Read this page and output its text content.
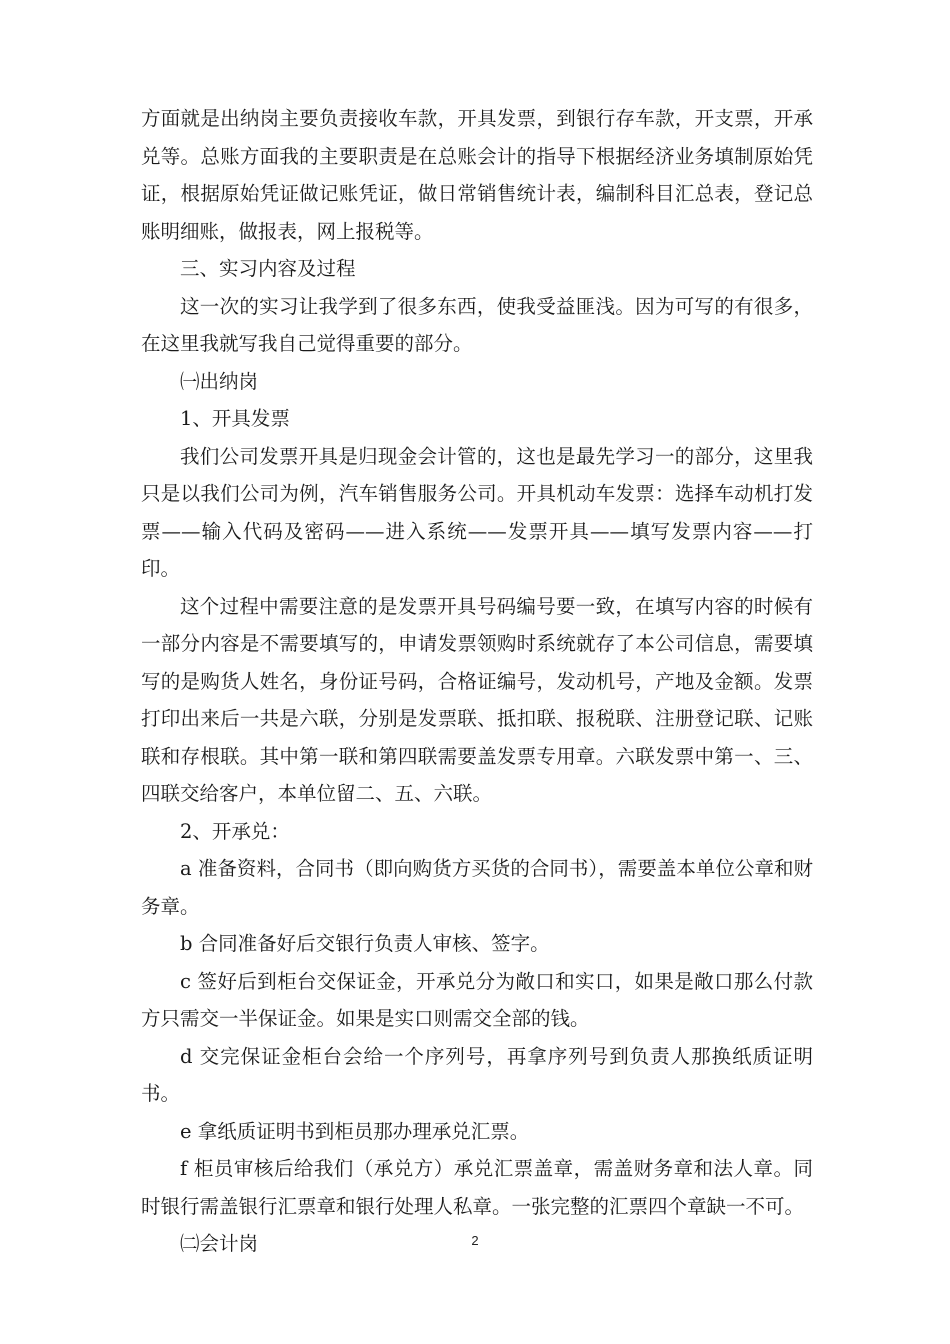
方面就是出纳岗主要负责接收车款，开具发票，到银行存车款，开支票，开承兑等。总账方面我的主要职责是在总账会计的指导下根据经济业务填制原始凭证，根据原始凭证做记账凭证，做日常销售统计表，编制科目汇总表，登记总账明细账，做报表，网上报税等。

三、实习内容及过程

这一次的实习让我学到了很多东西，使我受益匪浅。因为可写的有很多，在这里我就写我自己觉得重要的部分。

㈠出纳岗

1、开具发票

我们公司发票开具是归现金会计管的，这也是最先学习一的部分，这里我只是以我们公司为例，汽车销售服务公司。开具机动车发票：选择车动机打发票——输入代码及密码——进入系统——发票开具——填写发票内容——打印。

这个过程中需要注意的是发票开具号码编号要一致，在填写内容的时候有一部分内容是不需要填写的，申请发票领购时系统就存了本公司信息，需要填写的是购货人姓名，身份证号码，合格证编号，发动机号，产地及金额。发票打印出来后一共是六联，分别是发票联、抵扣联、报税联、注册登记联、记账联和存根联。其中第一联和第四联需要盖发票专用章。六联发票中第一、三、四联交给客户，本单位留二、五、六联。

2、开承兑：

a 准备资料，合同书（即向购货方买货的合同书），需要盖本单位公章和财务章。

b 合同准备好后交银行负责人审核、签字。

c 签好后到柜台交保证金，开承兑分为敞口和实口，如果是敞口那么付款方只需交一半保证金。如果是实口则需交全部的钱。

d 交完保证金柜台会给一个序列号，再拿序列号到负责人那换纸质证明书。

e 拿纸质证明书到柜员那办理承兑汇票。

f 柜员审核后给我们（承兑方）承兑汇票盖章，需盖财务章和法人章。同时银行需盖银行汇票章和银行处理人私章。一张完整的汇票四个章缺一不可。

㈡会计岗	2
